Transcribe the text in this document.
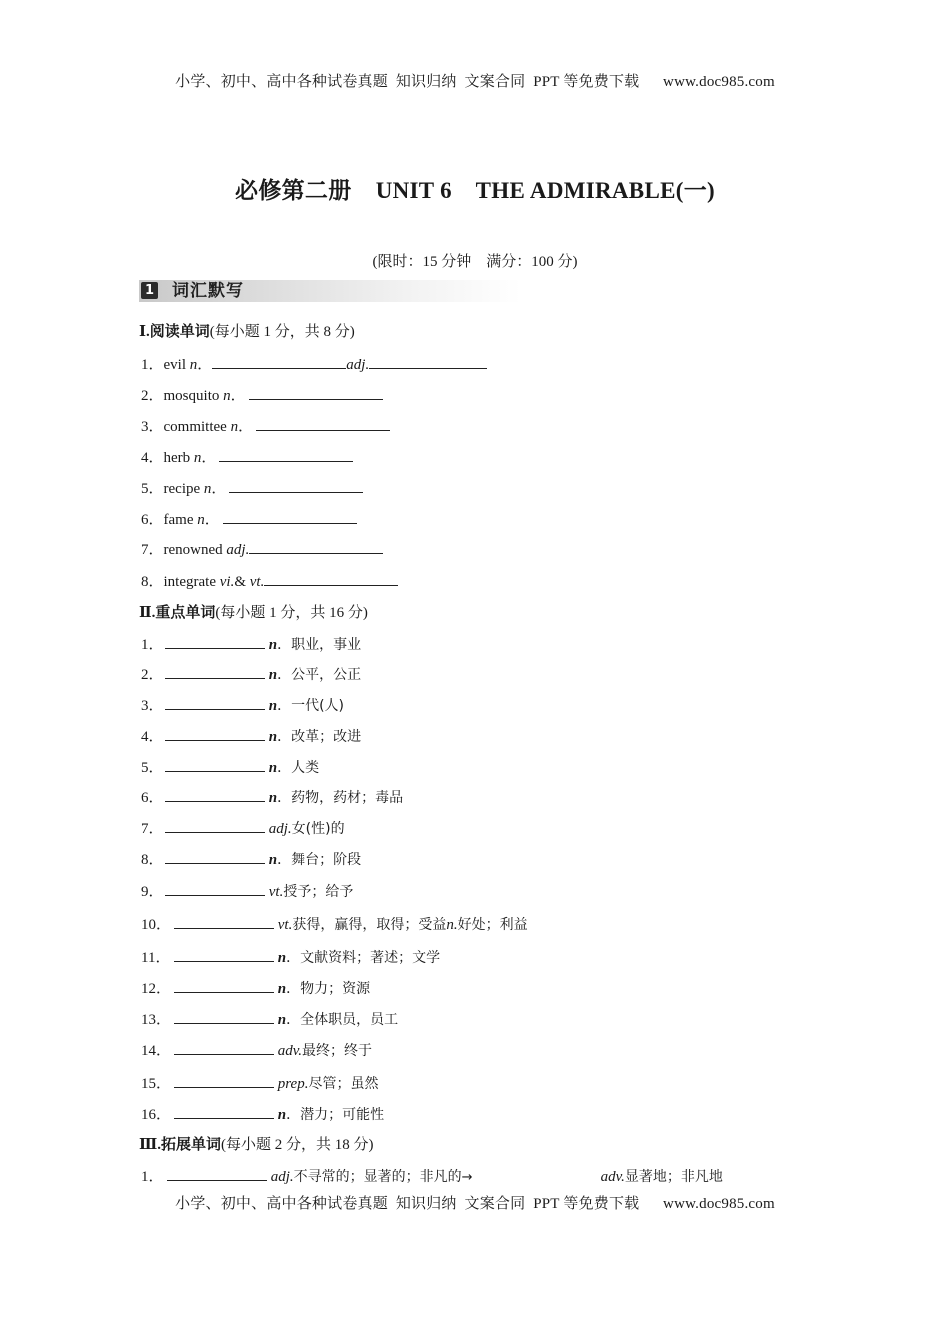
小学、初中、高中各种试卷真题  知识归纳  文案合同  PPT 等免费下载      www.doc985.com
必修第二册    UNIT 6    THE ADMIRABLE(一)
(限时：15 分钟    满分：100 分)
1 词汇默写
Ⅰ.阅读单词(每小题 1 分，共 8 分)
1．evil n．	adj.
2．mosquito n．
3．committee n．
4．herb n．
5．recipe n．
6．fame n．
7．renowned adj.
8．integrate vi.& vt.
Ⅱ.重点单词(每小题 1 分，共 16 分)
1．	n．职业，事业
2．	n．公平，公正
3．	n．一代(人)
4．	n．改革；改进
5．	n．人类
6．	n．药物，药材；毒品
7．	adj.女(性)的
8．	n．舞台；阶段
9．	vt.授予；给予
10．	vt.获得，赢得，取得；受益n.好处；利益
11．	n．文献资料；著述；文学
12．	n．物力；资源
13．	n．全体职员，员工
14．	adv.最终；终于
15．	prep.尽管；虽然
16．	n．潜力；可能性
Ⅲ.拓展单词(每小题 2 分，共 18 分)
1．	adj.不寻常的；显著的；非凡的→	adv.显著地；非凡地
小学、初中、高中各种试卷真题  知识归纳  文案合同  PPT 等免费下载      www.doc985.com
